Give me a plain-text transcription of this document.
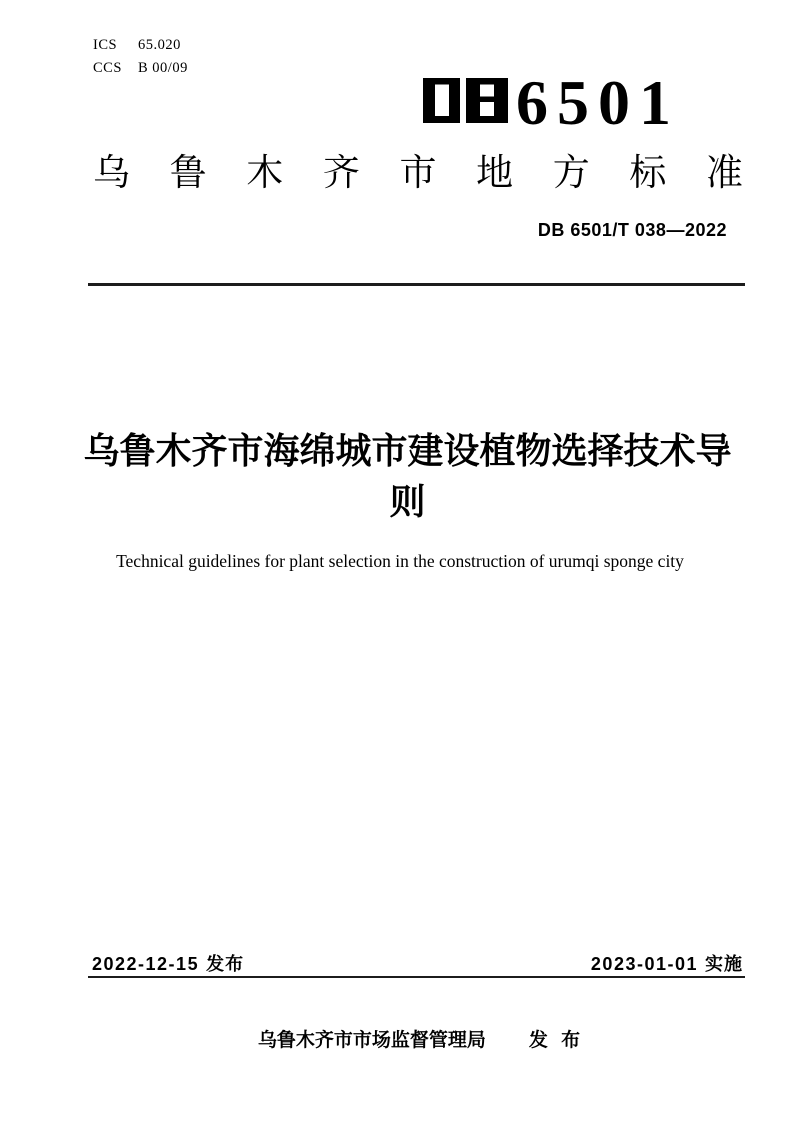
ICS 65.020
CCS B 00/09	6501
乌 鲁 木 齐 市 地 方 标 准
DB 6501/T 038—2022
乌鲁木齐市海绵城市建设植物选择技术导
则
Technical guidelines for plant selection in the construction of urumqi sponge city
2022-12-15 发布	2023-01-01 实施
乌鲁木齐市市场监督管理局 发 布
